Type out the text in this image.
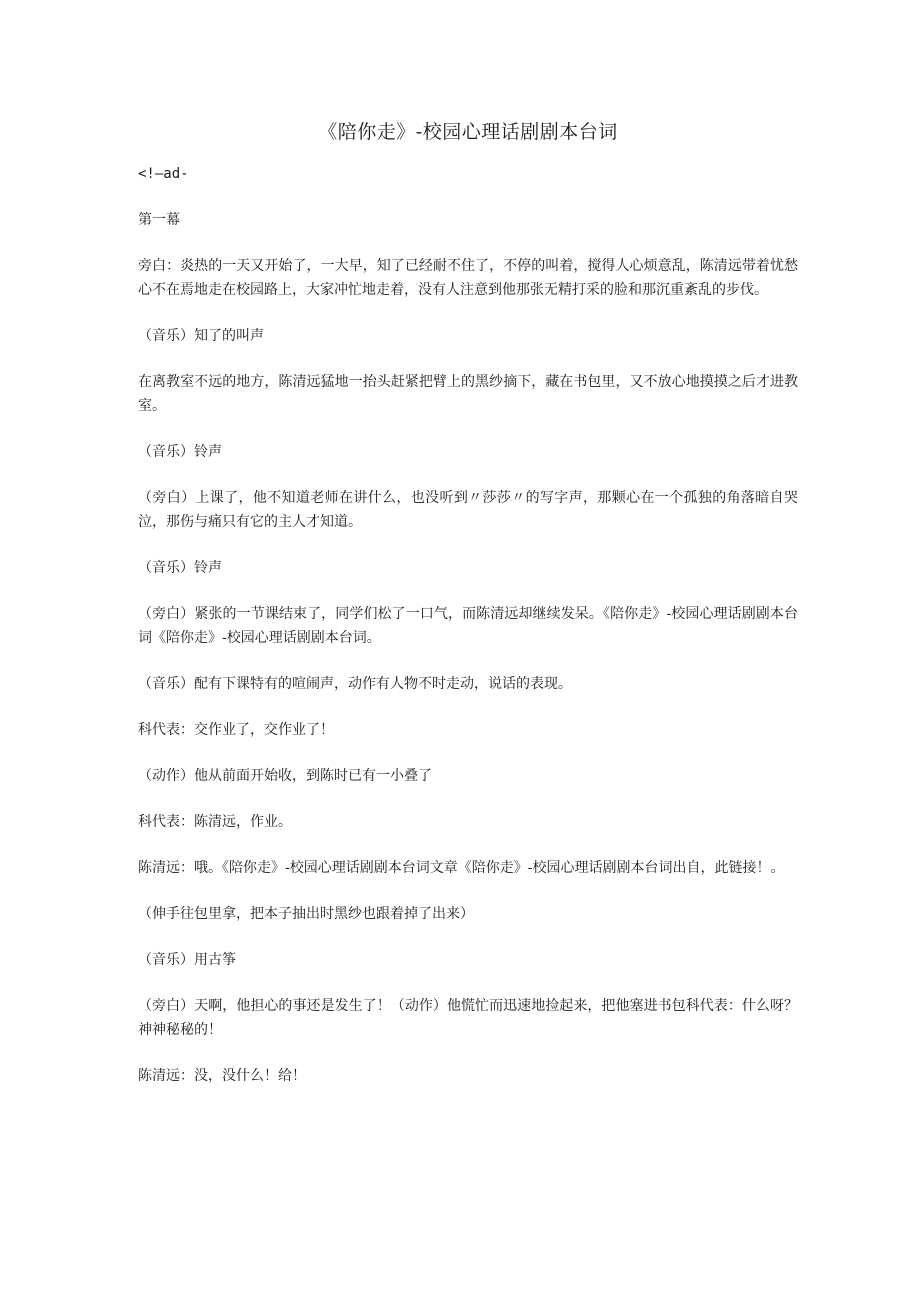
《陪你走》-校园心理话剧剧本台词

<!—ad-

第一幕

旁白：炎热的一天又开始了，一大早，知了已经耐不住了，不停的叫着，搅得人心烦意乱，陈清远带着忧愁心不在焉地走在校园路上，大家冲忙地走着，没有人注意到他那张无精打采的脸和那沉重紊乱的步伐。

（音乐）知了的叫声

在离教室不远的地方，陈清远猛地一抬头赶紧把臂上的黑纱摘下，藏在书包里，又不放心地摸摸之后才进教室。

（音乐）铃声

（旁白）上课了，他不知道老师在讲什么，也没听到〃莎莎〃的写字声，那颗心在一个孤独的角落暗自哭泣，那伤与痛只有它的主人才知道。

（音乐）铃声

（旁白）紧张的一节课结束了，同学们松了一口气，而陈清远却继续发呆。《陪你走》-校园心理话剧剧本台词《陪你走》-校园心理话剧剧本台词。

（音乐）配有下课特有的喧闹声，动作有人物不时走动，说话的表现。

科代表：交作业了，交作业了！

（动作）他从前面开始收，到陈时已有一小叠了

科代表：陈清远，作业。

陈清远：哦。《陪你走》-校园心理话剧剧本台词文章《陪你走》-校园心理话剧剧本台词出自，此链接！。

（伸手往包里拿，把本子抽出时黑纱也跟着掉了出来）

（音乐）用古筝

（旁白）天啊，他担心的事还是发生了！（动作）他慌忙而迅速地捡起来，把他塞进书包科代表：什么呀？神神秘秘的！

陈清远：没，没什么！给！
